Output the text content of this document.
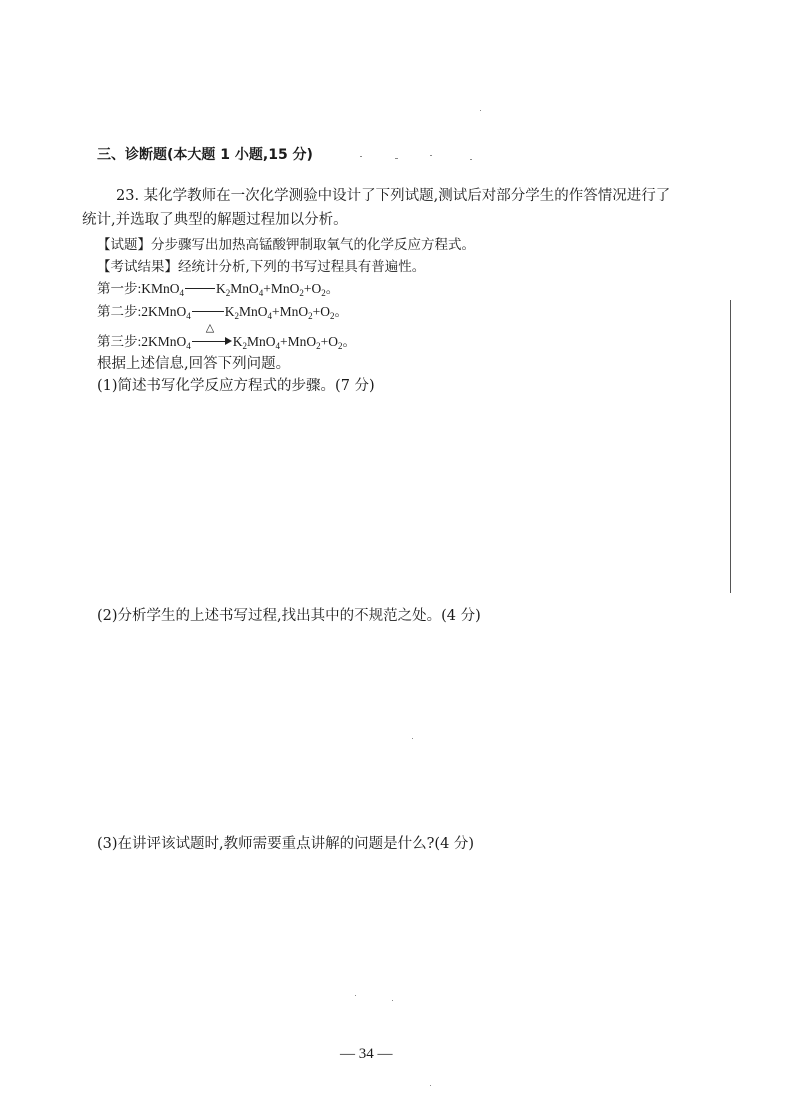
三、诊断题(本大题 1 小题,15 分)
23. 某化学教师在一次化学测验中设计了下列试题,测试后对部分学生的作答情况进行了
统计,并选取了典型的解题过程加以分析。
【试题】分步骤写出加热高锰酸钾制取氧气的化学反应方程式。
【考试结果】经统计分析,下列的书写过程具有普遍性。
第一步:KMnO$_4$ $K_2MnO_4+MnO_2+O_2$。
第二步:2KMnO$_4$	$K_2MnO_4+MnO_2+O_2$。
第三步:2KMnO$_4$
△
$K_2MnO_4+MnO_2+O_2$。
根据上述信息,回答下列问题。
(1)简述书写化学反应方程式的步骤。(7 分)
(2)分析学生的上述书写过程,找出其中的不规范之处。(4 分)
(3)在讲评该试题时,教师需要重点讲解的问题是什么?(4 分)
— 34 —
